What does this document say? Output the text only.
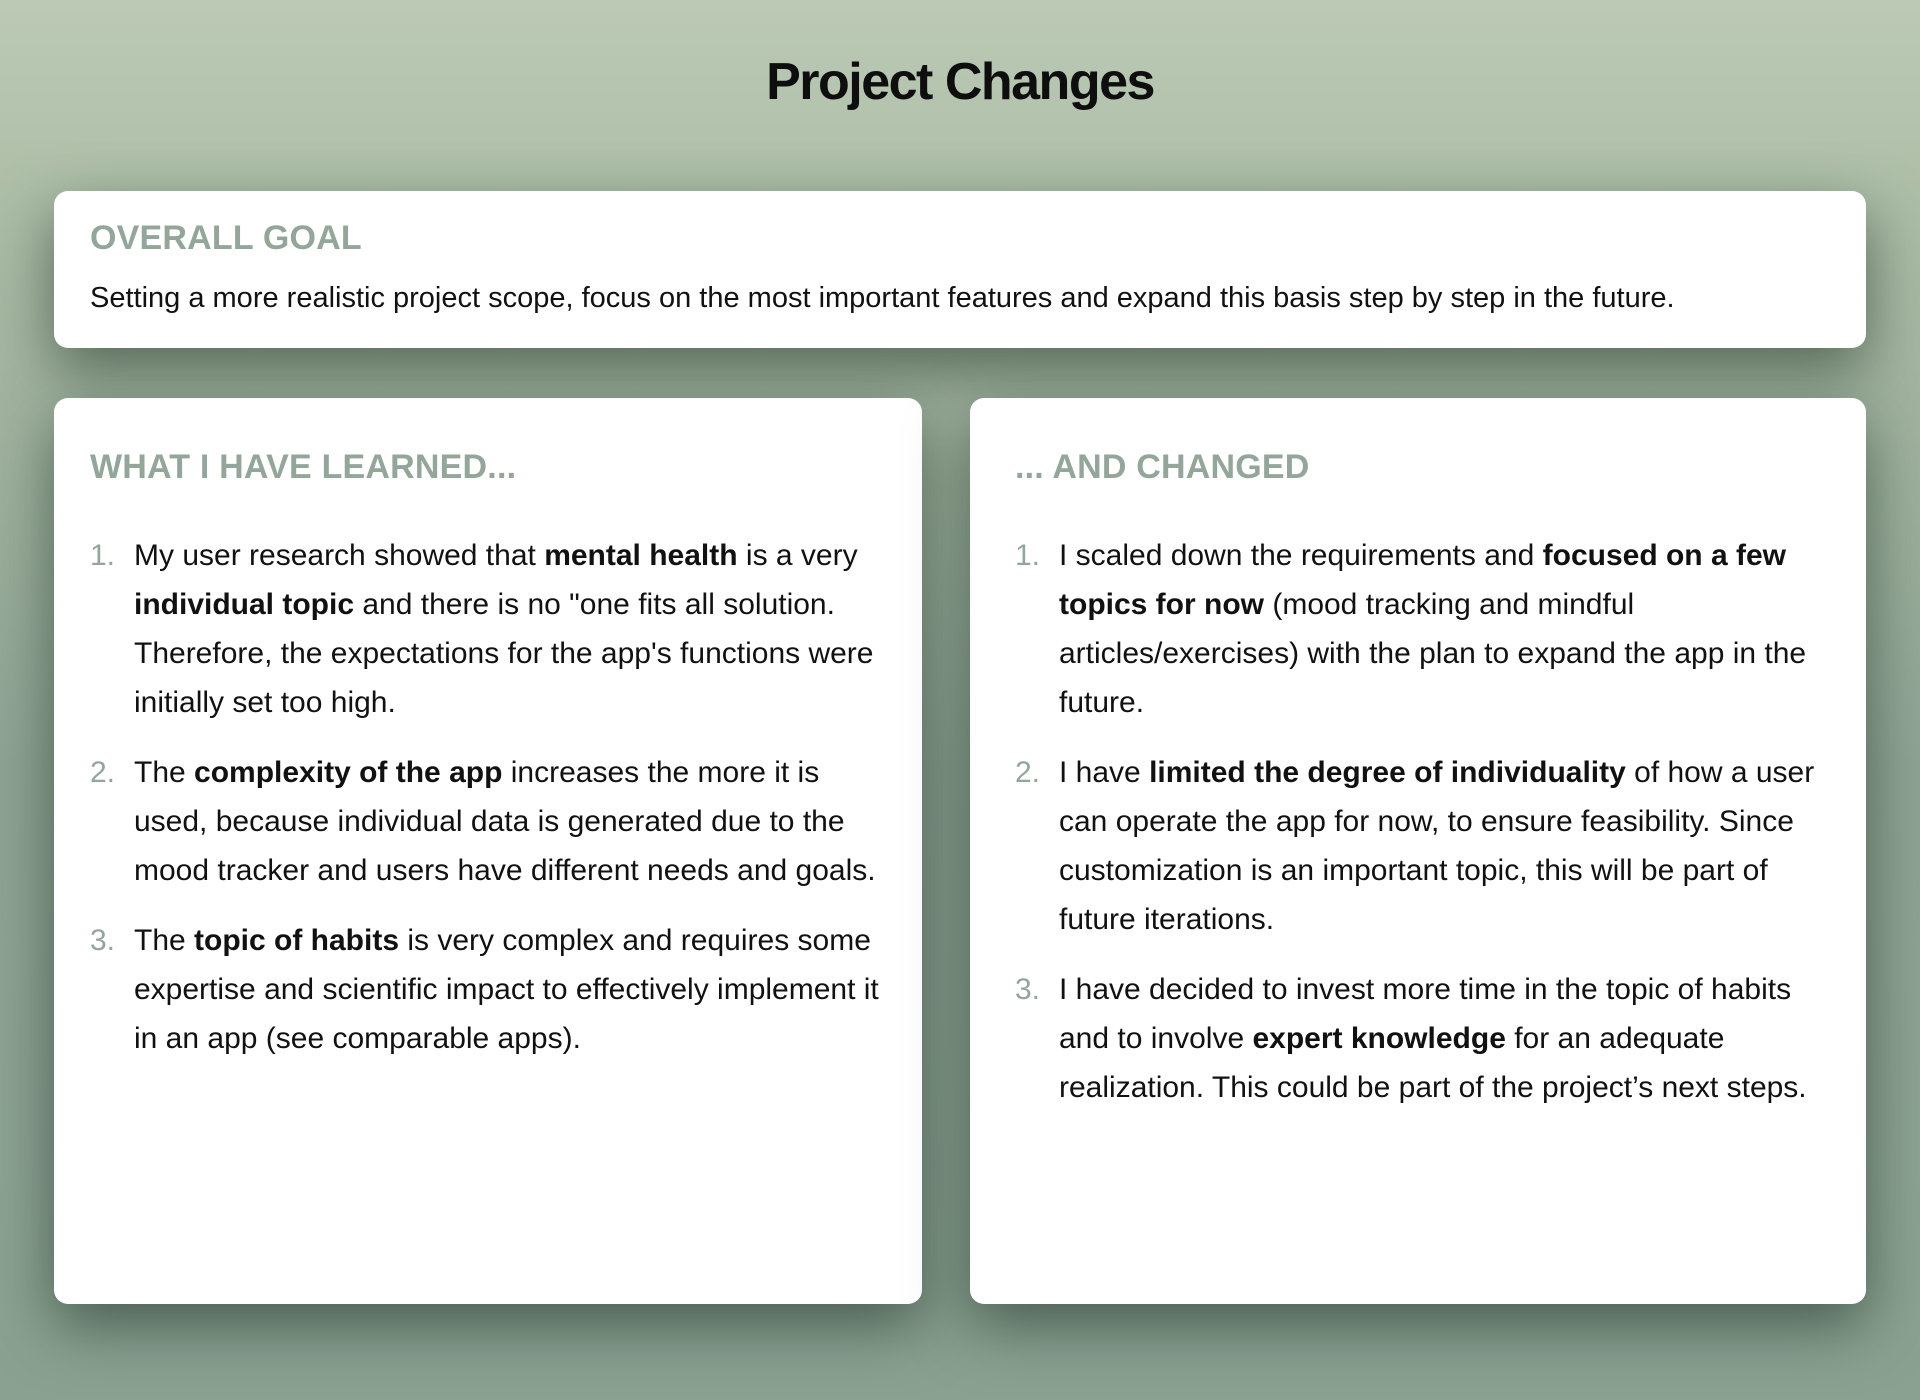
Project Changes
OVERALL GOAL

Setting a more realistic project scope, focus on the most important features and expand this basis step by step in the future.

WHAT I HAVE LEARNED...
1. My user research showed that mental health is a very individual topic and there is no "one fits all solution. Therefore, the expectations for the app's functions were initially set too high.
2. The complexity of the app increases the more it is used, because individual data is generated due to the mood tracker and users have different needs and goals.
3. The topic of habits is very complex and requires some expertise and scientific impact to effectively implement it in an app (see comparable apps).
... AND CHANGED
1. I scaled down the requirements and focused on a few topics for now (mood tracking and mindful articles/exercises) with the plan to expand the app in the future.
2. I have limited the degree of individuality of how a user can operate the app for now, to ensure feasibility. Since customization is an important topic, this will be part of future iterations.
3. I have decided to invest more time in the topic of habits and to involve expert knowledge for an adequate realization. This could be part of the project’s next steps.
